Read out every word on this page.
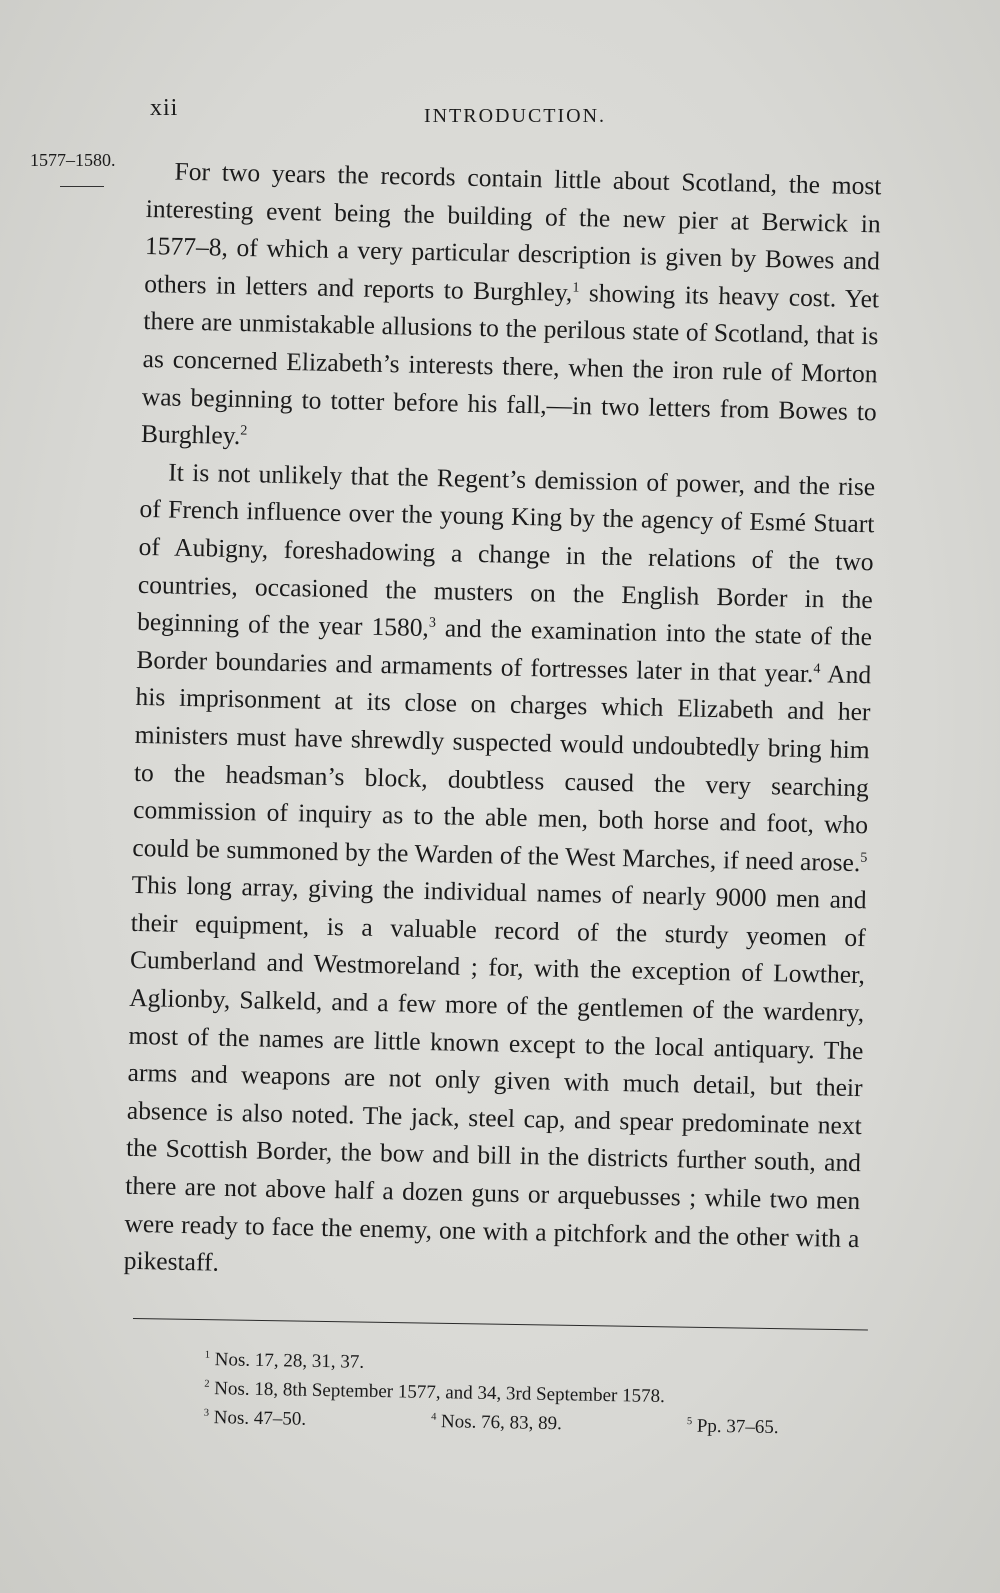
xii	INTRODUCTION.
1577–1580.	For two years the records contain little about Scotland, the most interesting event being the building of the new pier at Berwick in 1577–8, of which a very particular description is given by Bowes and others in letters and reports to Burghley,$^1$ showing its heavy cost. Yet there are unmistakable allusions to the perilous state of Scotland, that is as concerned Elizabeth’s interests there, when the iron rule of Morton was beginning to totter before his fall,—in two letters from Bowes to Burghley.$^2$

It is not unlikely that the Regent’s demission of power, and the rise of French influence over the young King by the agency of Esmé Stuart of Aubigny, foreshadowing a change in the relations of the two countries, occasioned the musters on the English Border in the beginning of the year 1580,$^3$ and the examination into the state of the Border boundaries and armaments of fortresses later in that year.$^4$ And his imprisonment at its close on charges which Elizabeth and her ministers must have shrewdly suspected would undoubtedly bring him to the headsman’s block, doubtless caused the very searching commission of inquiry as to the able men, both horse and foot, who could be summoned by the Warden of the West Marches, if need arose.$^5$ This long array, giving the individual names of nearly 9000 men and their equipment, is a valuable record of the sturdy yeomen of Cumberland and Westmoreland ; for, with the exception of Lowther, Aglionby, Salkeld, and a few more of the gentlemen of the wardenry, most of the names are little known except to the local antiquary. The arms and weapons are not only given with much detail, but their absence is also noted. The jack, steel cap, and spear predominate next the Scottish Border, the bow and bill in the districts further south, and there are not above half a dozen guns or arquebusses ; while two men were ready to face the enemy, one with a pitchfork and the other with a pikestaff.

$^1$ Nos. 17, 28, 31, 37.
$^2$ Nos. 18, 8th September 1577, and 34, 3rd September 1578.
$^3$ Nos. 47–50.	$^4$ Nos. 76, 83, 89.	$^5$ Pp. 37–65.
